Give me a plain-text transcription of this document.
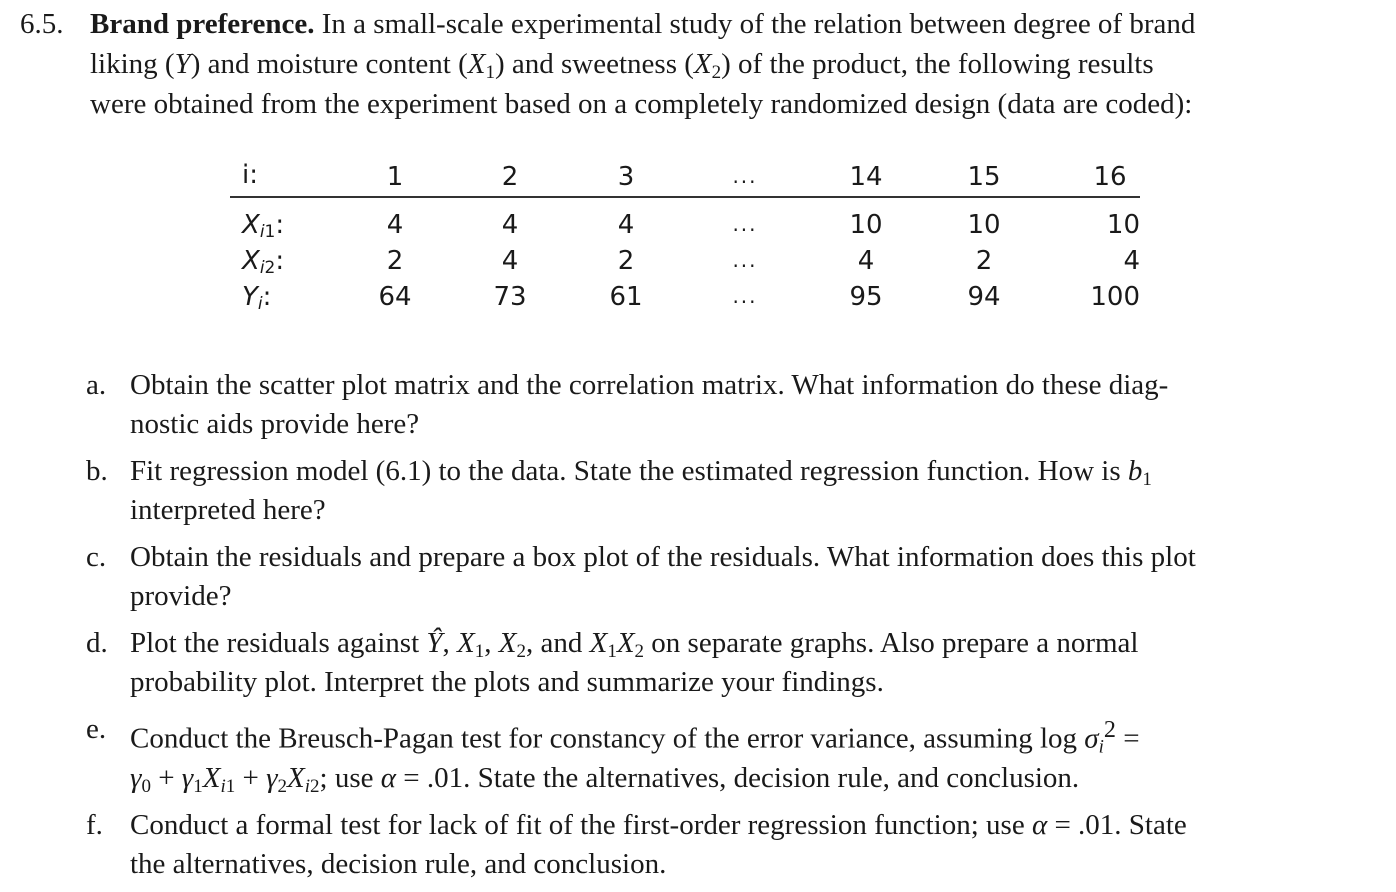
6.5. Brand preference. In a small-scale experimental study of the relation between degree of brand
liking (Y) and moisture content $(X_1)$ and sweetness $(X_2)$ of the product, the following results
were obtained from the experiment based on a completely randomized design (data are coded):
i:	1	2	3	...	14	15	16
$X_{i1}$:	4	4	4	...	10	10	10
$X_{i2}$:	2	4	2	...	4	2	4
$Y_i$:	64	73	61	...	95	94	100
a. Obtain the scatter plot matrix and the correlation matrix. What information do these diag-
nostic aids provide here?
b. Fit regression model (6.1) to the data. State the estimated regression function. How is $b_1$
interpreted here?
c. Obtain the residuals and prepare a box plot of the residuals. What information does this plot
provide?
d. Plot the residuals against Ŷ, $X_1$, $X_2$, and $X_1X_2$ on separate graphs. Also prepare a normal
probability plot. Interpret the plots and summarize your findings.
e. Conduct the Breusch-Pagan test for constancy of the error variance, assuming $\log \sigma_i^2$ =
$\gamma_0 + \gamma_1X_{i1} + \gamma_2X_{i2}$; use α = .01. State the alternatives, decision rule, and conclusion.
f. Conduct a formal test for lack of fit of the first-order regression function; use α = .01. State
the alternatives, decision rule, and conclusion.
